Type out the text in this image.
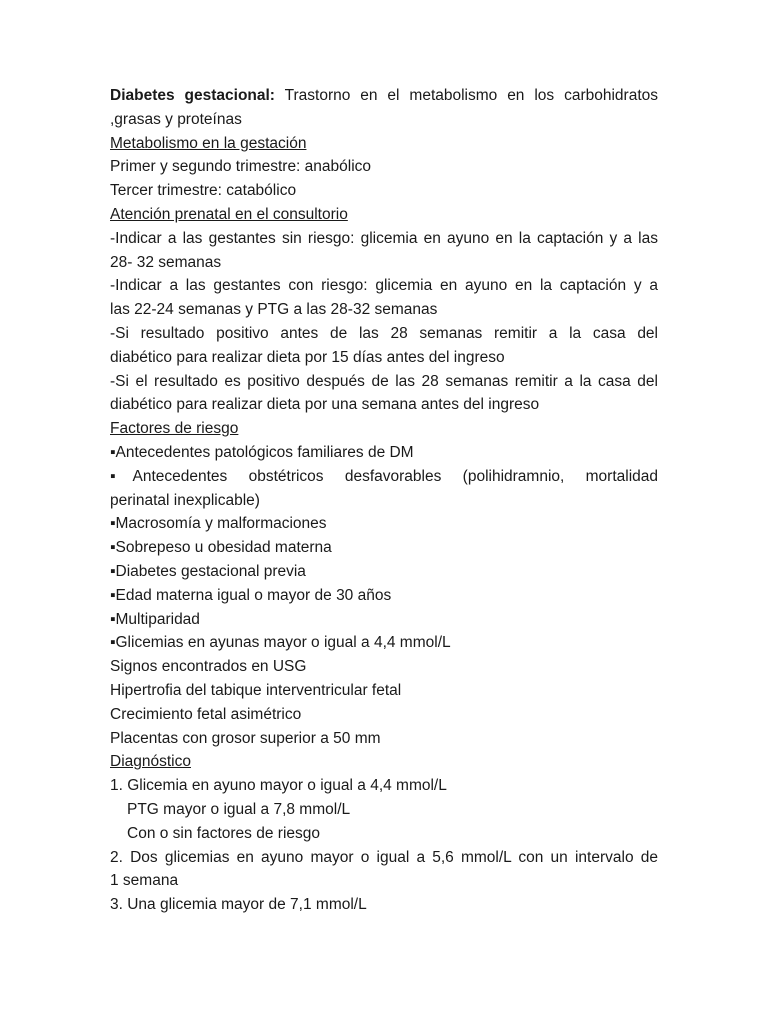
Diabetes gestacional: Trastorno en el metabolismo en los carbohidratos
,grasas y proteínas
Metabolismo en la gestación
Primer y segundo trimestre: anabólico
Tercer trimestre: catabólico
Atención prenatal en el consultorio
-Indicar a las gestantes sin riesgo: glicemia en ayuno en la captación y a las
28- 32 semanas
-Indicar a las gestantes con riesgo: glicemia en ayuno en la captación y a
las 22-24 semanas y PTG a las 28-32 semanas
-Si resultado positivo antes de las 28 semanas remitir a la casa del
diabético para realizar dieta por 15 días antes del ingreso
-Si el resultado es positivo después de las 28 semanas remitir a la casa del
diabético para realizar dieta por una semana antes del ingreso
Factores de riesgo
▪Antecedentes patológicos familiares de DM
▪Antecedentes obstétricos desfavorables (polihidramnio, mortalidad
perinatal inexplicable)
▪Macrosomía y malformaciones
▪Sobrepeso u obesidad materna
▪Diabetes gestacional previa
▪Edad materna igual o mayor de 30 años
▪Multiparidad
▪Glicemias en ayunas mayor o igual a 4,4 mmol/L
Signos encontrados en USG
Hipertrofia del tabique interventricular fetal
Crecimiento fetal asimétrico
Placentas con grosor superior a 50 mm
Diagnóstico
1. Glicemia en ayuno mayor o igual a 4,4 mmol/L
PTG mayor o igual a 7,8 mmol/L
Con o sin factores de riesgo
2. Dos glicemias en ayuno mayor o igual a 5,6 mmol/L con un intervalo de
1 semana
3. Una glicemia mayor de 7,1 mmol/L
